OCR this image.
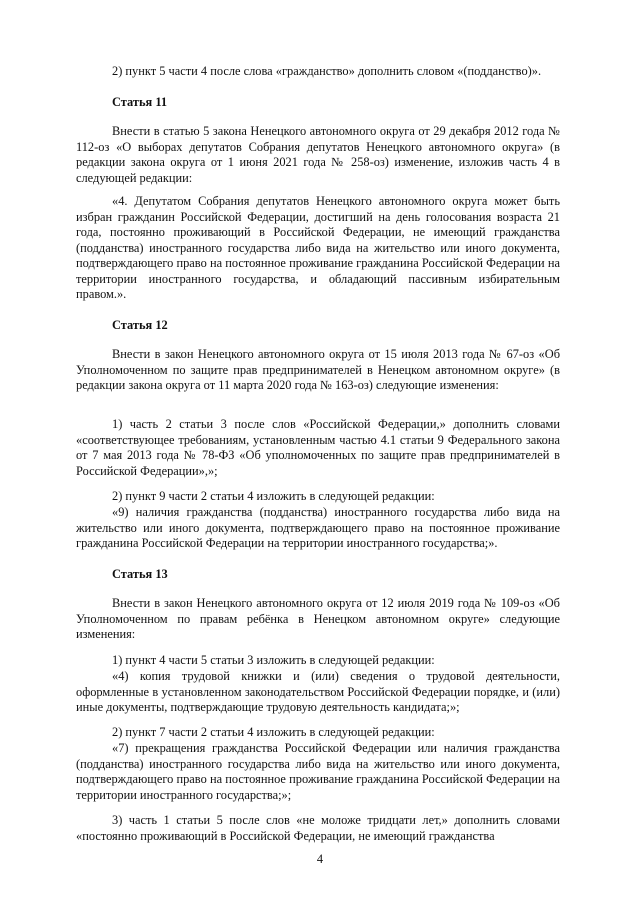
2) пункт 5 части 4 после слова «гражданство» дополнить словом «(подданство)».

Статья 11

Внести в статью 5 закона Ненецкого автономного округа от 29 декабря 2012 года № 112-оз «О выборах депутатов Собрания депутатов Ненецкого автономного округа» (в редакции закона округа от 1 июня 2021 года № 258-оз) изменение, изложив часть 4 в следующей редакции:

«4. Депутатом Собрания депутатов Ненецкого автономного округа может быть избран гражданин Российской Федерации, достигший на день голосования возраста 21 года, постоянно проживающий в Российской Федерации, не имеющий гражданства (подданства) иностранного государства либо вида на жительство или иного документа, подтверждающего право на постоянное проживание гражданина Российской Федерации на территории иностранного государства, и обладающий пассивным избирательным правом.».

Статья 12

Внести в закон Ненецкого автономного округа от 15 июля 2013 года № 67-оз «Об Уполномоченном по защите прав предпринимателей в Ненецком автономном округе» (в редакции закона округа от 11 марта 2020 года № 163-оз) следующие изменения:

1) часть 2 статьи 3 после слов «Российской Федерации,» дополнить словами «соответствующее требованиям, установленным частью 4.1 статьи 9 Федерального закона от 7 мая 2013 года № 78-ФЗ «Об уполномоченных по защите прав предпринимателей в Российской Федерации»,»;

2) пункт 9 части 2 статьи 4 изложить в следующей редакции:

«9) наличия гражданства (подданства) иностранного государства либо вида на жительство или иного документа, подтверждающего право на постоянное проживание гражданина Российской Федерации на территории иностранного государства;».

Статья 13

Внести в закон Ненецкого автономного округа от 12 июля 2019 года № 109-оз «Об Уполномоченном по правам ребёнка в Ненецком автономном округе» следующие изменения:

1) пункт 4 части 5 статьи 3 изложить в следующей редакции:

«4) копия трудовой книжки и (или) сведения о трудовой деятельности, оформленные в установленном законодательством Российской Федерации порядке, и (или) иные документы, подтверждающие трудовую деятельность кандидата;»;

2) пункт 7 части 2 статьи 4 изложить в следующей редакции:

«7) прекращения гражданства Российской Федерации или наличия гражданства (подданства) иностранного государства либо вида на жительство или иного документа, подтверждающего право на постоянное проживание гражданина Российской Федерации на территории иностранного государства;»;

3) часть 1 статьи 5 после слов «не моложе тридцати лет,» дополнить словами «постоянно проживающий в Российской Федерации, не имеющий гражданства

4
